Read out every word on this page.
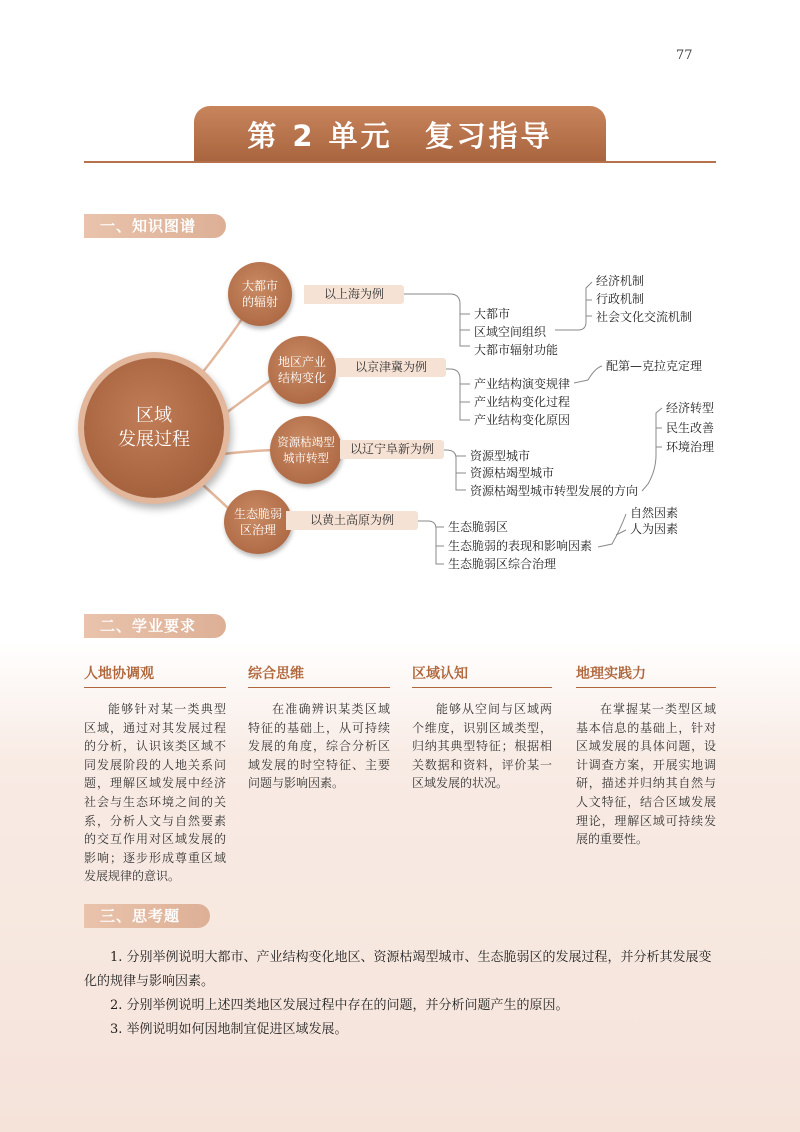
77
第 2 单元　复习指导
一、知识图谱
区域
发展过程
大都市
的辐射
以上海为例
大都市
区域空间组织
大都市辐射功能
经济机制
行政机制
社会文化交流机制
地区产业
结构变化
以京津冀为例
产业结构演变规律
产业结构变化过程
产业结构变化原因
配第—克拉克定理
资源枯竭型
城市转型
以辽宁阜新为例	资源型城市
资源枯竭型城市
资源枯竭型城市转型发展的方向
经济转型
民生改善
环境治理
生态脆弱
区治理
以黄土高原为例	生态脆弱区
生态脆弱的表现和影响因素
生态脆弱区综合治理
自然因素
人为因素
二、学业要求
人地协调观
能够针对某一类典型区域，通过对其发展过程的分析，认识该类区域不同发展阶段的人地关系问题，理解区域发展中经济社会与生态环境之间的关系，分析人文与自然要素的交互作用对区域发展的影响；逐步形成尊重区域发展规律的意识。
综合思维
在准确辨识某类区域特征的基础上，从可持续发展的角度，综合分析区域发展的时空特征、主要问题与影响因素。
区域认知
能够从空间与区域两个维度，识别区域类型，归纳其典型特征；根据相关数据和资料，评价某一区域发展的状况。
地理实践力
在掌握某一类型区域基本信息的基础上，针对区域发展的具体问题，设计调查方案，开展实地调研，描述并归纳其自然与人文特征，结合区域发展理论，理解区域可持续发展的重要性。
三、思考题
1. 分别举例说明大都市、产业结构变化地区、资源枯竭型城市、生态脆弱区的发展过程，并分析其发展变化的规律与影响因素。
2. 分别举例说明上述四类地区发展过程中存在的问题，并分析问题产生的原因。
3. 举例说明如何因地制宜促进区域发展。
